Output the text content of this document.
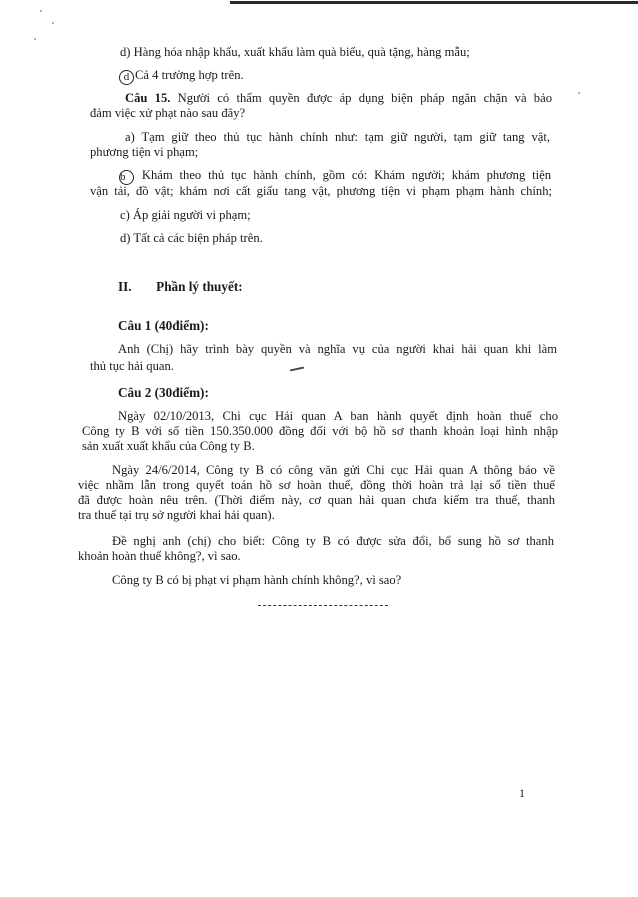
d) Hàng hóa nhập khẩu, xuất khẩu làm quà biếu, quà tặng, hàng mẫu;
d Cả 4 trường hợp trên.
Câu 15. Người có thẩm quyền được áp dụng biện pháp ngăn chặn và bảo
đảm việc xử phạt nào sau đây?
a) Tạm giữ theo thủ tục hành chính như: tạm giữ người, tạm giữ tang vật,
phương tiện vi phạm;
b Khám theo thủ tục hành chính, gồm có: Khám người; khám phương tiện
vận tải, đồ vật; khám nơi cất giấu tang vật, phương tiện vi phạm phạm hành chính;
c) Áp giải người vi phạm;
d) Tất cả các biện pháp trên.
II. Phần lý thuyết:
Câu 1 (40điểm):
Anh (Chị) hãy trình bày quyền và nghĩa vụ của người khai hải quan khi làm
thủ tục hải quan.
Câu 2 (30điểm):
Ngày 02/10/2013, Chi cục Hải quan A ban hành quyết định hoàn thuế cho
Công ty B với số tiền 150.350.000 đồng đối với bộ hồ sơ thanh khoản loại hình nhập
sản xuất xuất khẩu của Công ty B.
Ngày 24/6/2014, Công ty B có công văn gửi Chi cục Hải quan A thông báo về
việc nhầm lẫn trong quyết toán hồ sơ hoàn thuế, đồng thời hoàn trả lại số tiền thuế
đã được hoàn nêu trên. (Thời điểm này, cơ quan hải quan chưa kiểm tra thuế, thanh
tra thuế tại trụ sở người khai hải quan).
Đề nghị anh (chị) cho biết: Công ty B có được sửa đổi, bổ sung hồ sơ thanh
khoản hoàn thuế không?, vì sao.
Công ty B có bị phạt vi phạm hành chính không?, vì sao?
1
